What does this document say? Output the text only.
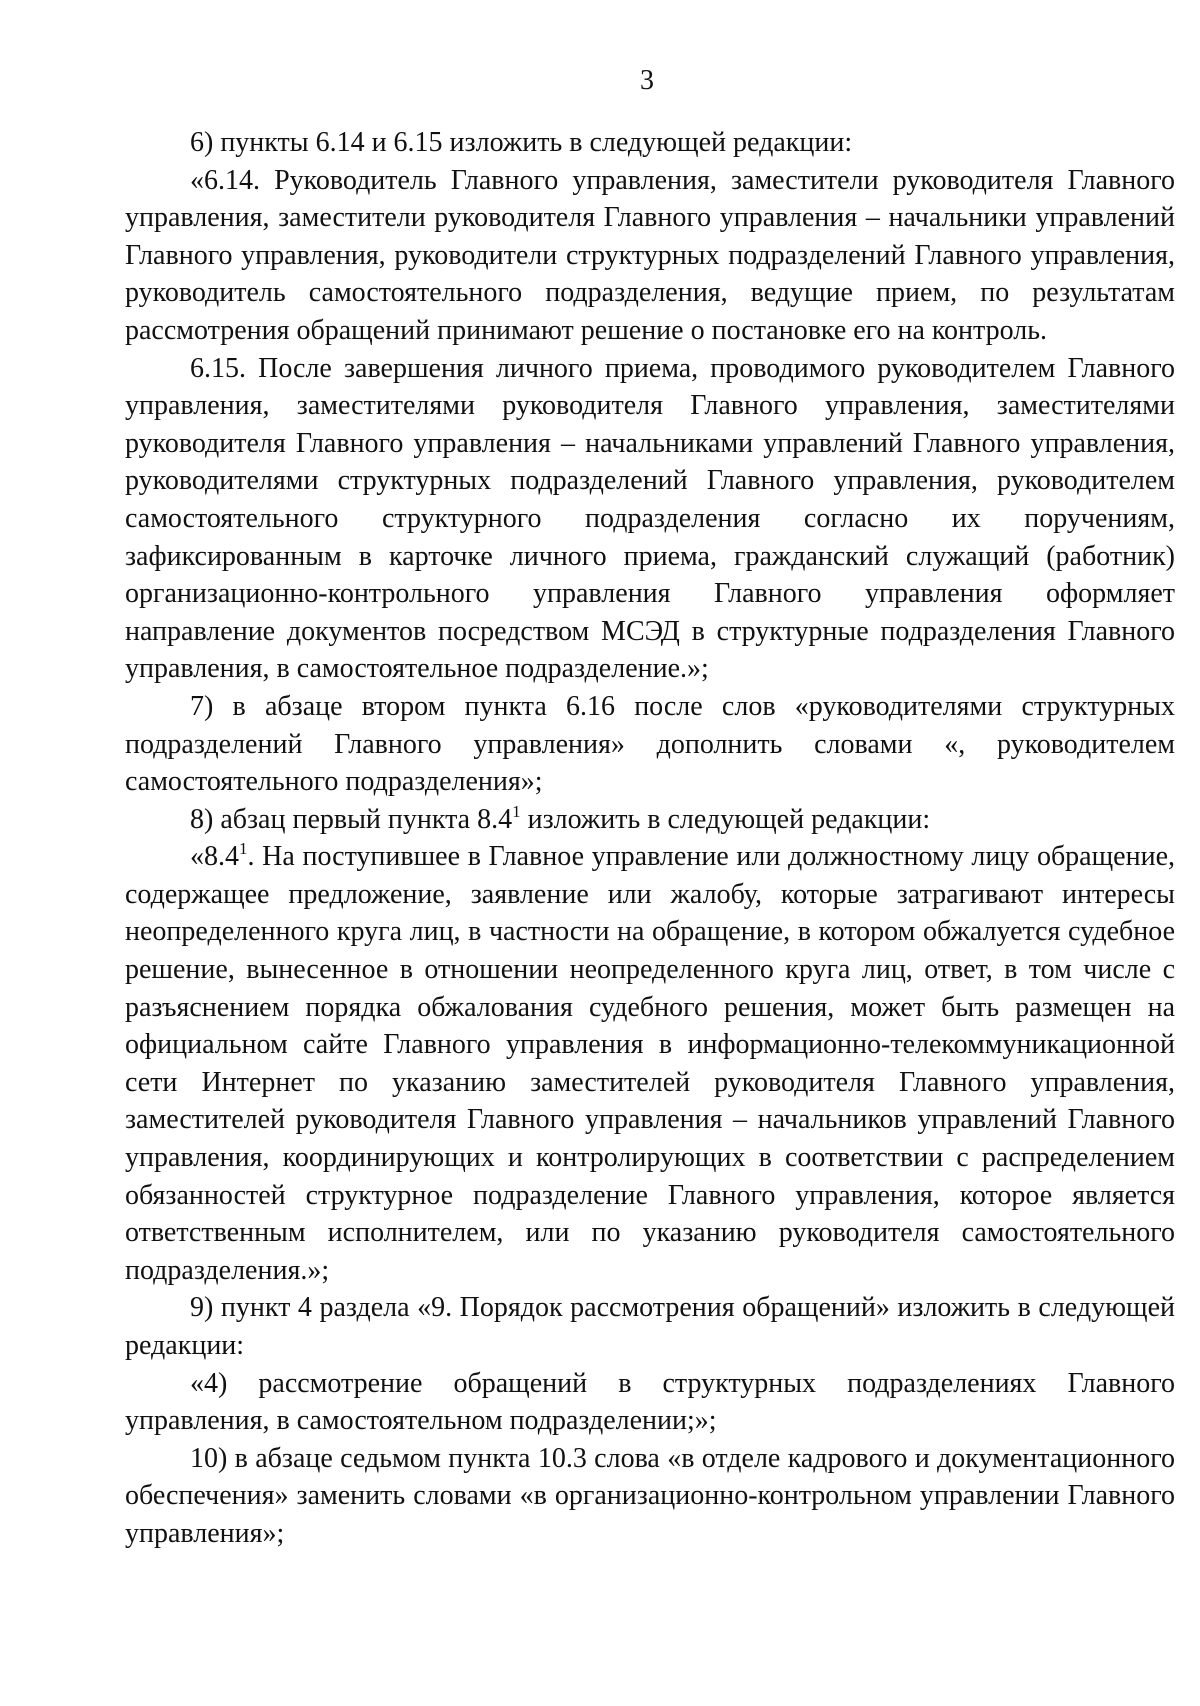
3

6) пункты 6.14 и 6.15 изложить в следующей редакции:

«6.14. Руководитель Главного управления, заместители руководителя Главного управления, заместители руководителя Главного управления – начальники управлений Главного управления, руководители структурных подразделений Главного управления, руководитель самостоятельного подразделения, ведущие прием, по результатам рассмотрения обращений принимают решение о постановке его на контроль.

6.15. После завершения личного приема, проводимого руководителем Главного управления, заместителями руководителя Главного управления, заместителями руководителя Главного управления – начальниками управлений Главного управления, руководителями структурных подразделений Главного управления, руководителем самостоятельного структурного подразделения согласно их поручениям, зафиксированным в карточке личного приема, гражданский служащий (работник) организационно-контрольного управления Главного управления оформляет направление документов посредством МСЭД в структурные подразделения Главного управления, в самостоятельное подразделение.»;

7) в абзаце втором пункта 6.16 после слов «руководителями структурных подразделений Главного управления» дополнить словами «, руководителем самостоятельного подразделения»;

8) абзац первый пункта $8.4^1$ изложить в следующей редакции:

«$8.4^1$. На поступившее в Главное управление или должностному лицу обращение, содержащее предложение, заявление или жалобу, которые затрагивают интересы неопределенного круга лиц, в частности на обращение, в котором обжалуется судебное решение, вынесенное в отношении неопределенного круга лиц, ответ, в том числе с разъяснением порядка обжалования судебного решения, может быть размещен на официальном сайте Главного управления в информационно-телекоммуникационной сети Интернет по указанию заместителей руководителя Главного управления, заместителей руководителя Главного управления – начальников управлений Главного управления, координирующих и контролирующих в соответствии с распределением обязанностей структурное подразделение Главного управления, которое является ответственным исполнителем, или по указанию руководителя самостоятельного подразделения.»;

9) пункт 4 раздела «9. Порядок рассмотрения обращений» изложить в следующей редакции:

«4) рассмотрение обращений в структурных подразделениях Главного управления, в самостоятельном подразделении;»;

10) в абзаце седьмом пункта 10.3 слова «в отделе кадрового и документационного обеспечения» заменить словами «в организационно-контрольном управлении Главного управления»;
